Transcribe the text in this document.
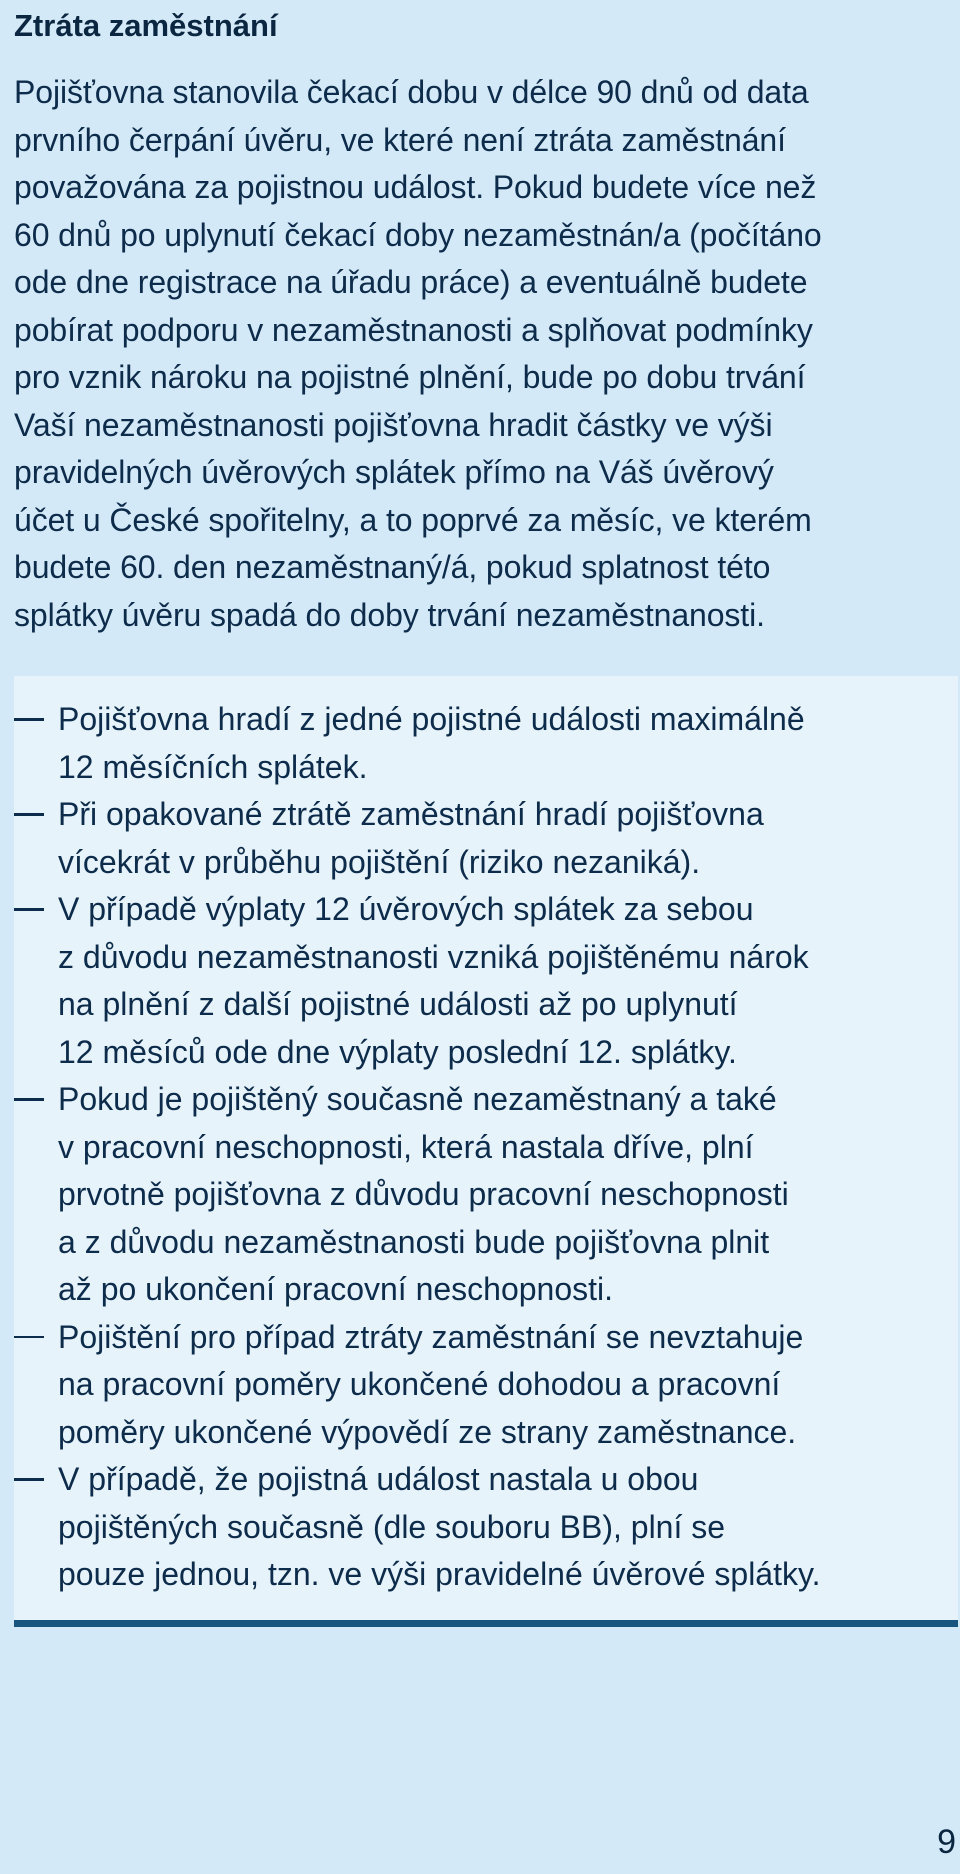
Ztráta zaměstnání

Pojišťovna stanovila čekací dobu v délce 90 dnů od data
prvního čerpání úvěru, ve které není ztráta zaměstnání
považována za pojistnou událost. Pokud budete více než
60 dnů po uplynutí čekací doby nezaměstnán/a (počítáno
ode dne registrace na úřadu práce) a eventuálně budete
pobírat podporu v nezaměstnanosti a splňovat podmínky
pro vznik nároku na pojistné plnění, bude po dobu trvání
Vaší nezaměstnanosti pojišťovna hradit částky ve výši
pravidelných úvěrových splátek přímo na Váš úvěrový
účet u České spořitelny, a to poprvé za měsíc, ve kterém
budete 60. den nezaměstnaný/á, pokud splatnost této
splátky úvěru spadá do doby trvání nezaměstnanosti.

Pojišťovna hradí z jedné pojistné události maximálně
12 měsíčních splátek.
Při opakované ztrátě zaměstnání hradí pojišťovna
vícekrát v průběhu pojištění (riziko nezaniká).
V případě výplaty 12 úvěrových splátek za sebou
z důvodu nezaměstnanosti vzniká pojištěnému nárok
na plnění z další pojistné události až po uplynutí
12 měsíců ode dne výplaty poslední 12. splátky.
Pokud je pojištěný současně nezaměstnaný a také
v pracovní neschopnosti, která nastala dříve, plní
prvotně pojišťovna z důvodu pracovní neschopnosti
a z důvodu nezaměstnanosti bude pojišťovna plnit
až po ukončení pracovní neschopnosti.
Pojištění pro případ ztráty zaměstnání se nevztahuje
na pracovní poměry ukončené dohodou a pracovní
poměry ukončené výpovědí ze strany zaměstnance.
V případě, že pojistná událost nastala u obou
pojištěných současně (dle souboru BB), plní se
pouze jednou, tzn. ve výši pravidelné úvěrové splátky.
9
